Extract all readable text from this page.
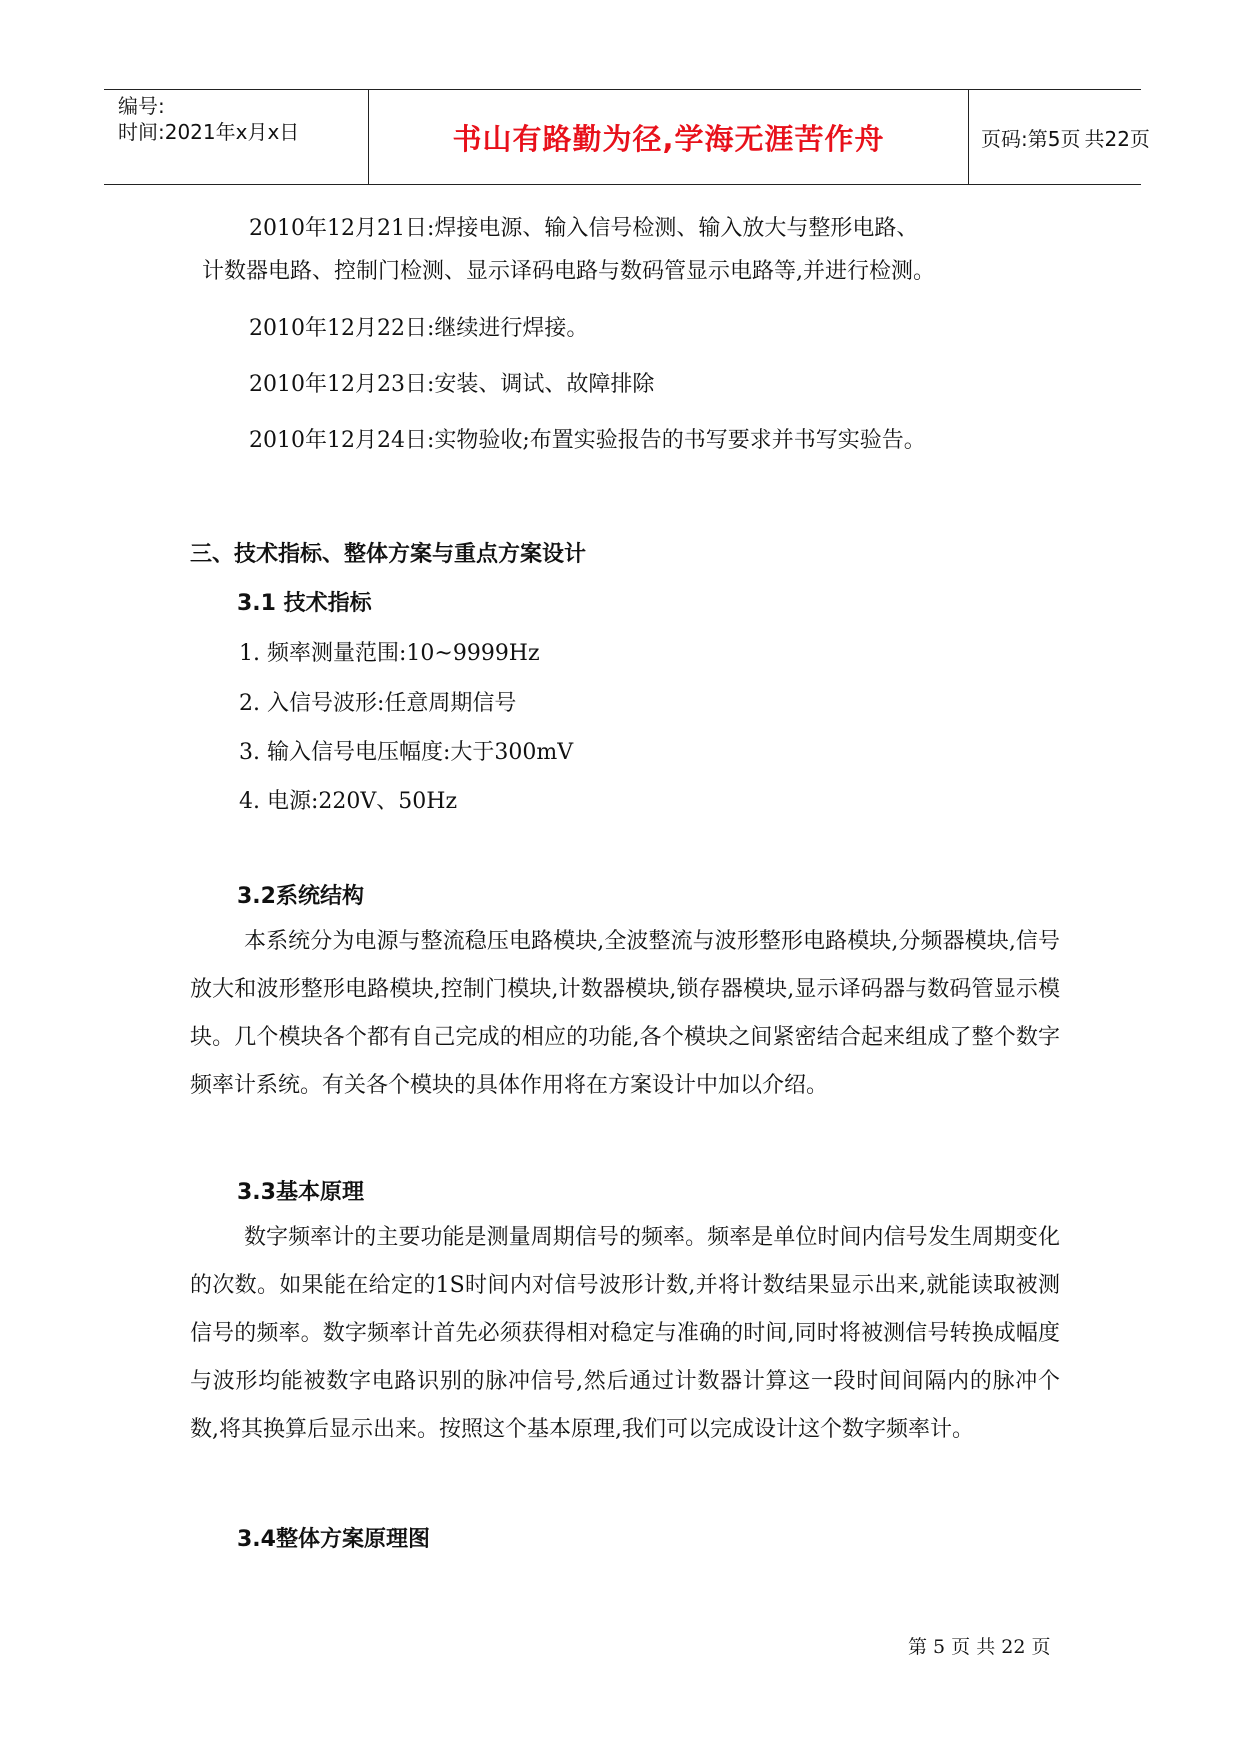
编号:
时间:2021年x月x日	书山有路勤为径,学海无涯苦作舟	页码:第5页 共22页
2010年12月21日:焊接电源、输入信号检测、输入放大与整形电路、
计数器电路、控制门检测、显示译码电路与数码管显示电路等,并进行检测。
2010年12月22日:继续进行焊接。
2010年12月23日:安装、调试、故障排除
2010年12月24日:实物验收;布置实验报告的书写要求并书写实验告。
三、技术指标、整体方案与重点方案设计
3.1 技术指标
1. 频率测量范围:10~9999Hz
2. 入信号波形:任意周期信号
3. 输入信号电压幅度:大于300mV
4. 电源:220V、50Hz
3.2系统结构
本系统分为电源与整流稳压电路模块,全波整流与波形整形电路模块,分频器模块,信号放大和波形整形电路模块,控制门模块,计数器模块,锁存器模块,显示译码器与数码管显示模块。几个模块各个都有自己完成的相应的功能,各个模块之间紧密结合起来组成了整个数字频率计系统。有关各个模块的具体作用将在方案设计中加以介绍。
3.3基本原理
数字频率计的主要功能是测量周期信号的频率。频率是单位时间内信号发生周期变化的次数。如果能在给定的1S时间内对信号波形计数,并将计数结果显示出来,就能读取被测信号的频率。数字频率计首先必须获得相对稳定与准确的时间,同时将被测信号转换成幅度与波形均能被数字电路识别的脉冲信号,然后通过计数器计算这一段时间间隔内的脉冲个数,将其换算后显示出来。按照这个基本原理,我们可以完成设计这个数字频率计。
3.4整体方案原理图
第 5 页 共 22 页
